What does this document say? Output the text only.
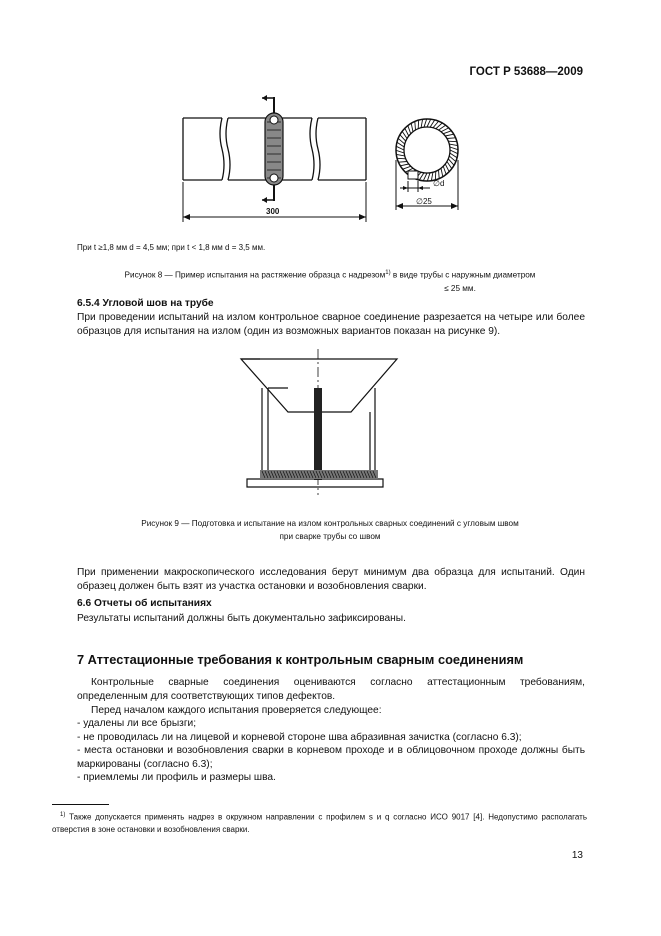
ГОСТ Р 53688—2009
300
∅d
∅25
При t ≥1,8 мм d = 4,5 мм; при t < 1,8 мм d = 3,5 мм.
Рисунок 8 — Пример испытания на растяжение образца с надрезом$^{1)}$ в виде трубы с наружным диаметром
≤ 25 мм.
6.5.4 Угловой шов на трубе
При проведении испытаний на излом контрольное сварное соединение разрезается на четыре или более образцов для испытания на излом (один из возможных вариантов показан на рисунке 9).
Рисунок 9 — Подготовка и испытание на излом контрольных сварных соединений с угловым швом
при сварке трубы со швом
При применении макроскопического исследования берут минимум два образца для испытаний. Один образец должен быть взят из участка остановки и возобновления сварки.
6.6 Отчеты об испытаниях
Результаты испытаний должны быть документально зафиксированы.
7 Аттестационные требования к контрольным сварным соединениям
Контрольные сварные соединения оцениваются согласно аттестационным требованиям, определенным для соответствующих типов дефектов.
Перед началом каждого испытания проверяется следующее:
- удалены ли все брызги;
- не проводилась ли на лицевой и корневой стороне шва абразивная зачистка (согласно 6.3);
- места остановки и возобновления сварки в корневом проходе и в облицовочном проходе должны быть маркированы (согласно 6.3);
- приемлемы ли профиль и размеры шва.
$^{1)}$ Также допускается применять надрез в окружном направлении с профилем s и q согласно ИСО 9017 [4]. Недопустимо располагать отверстия в зоне остановки и возобновления сварки.
13
